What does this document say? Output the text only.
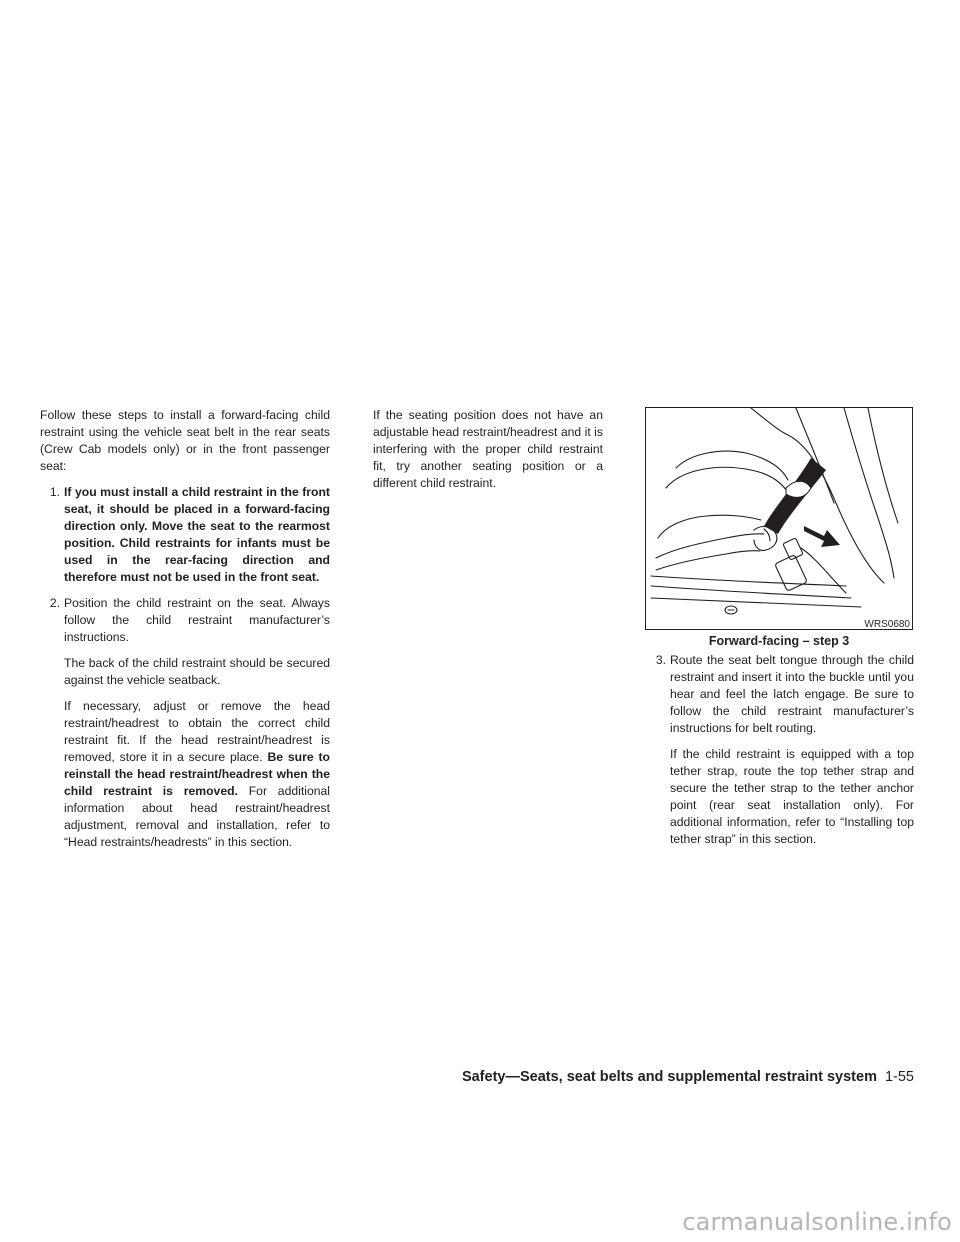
Follow these steps to install a forward-facing child restraint using the vehicle seat belt in the rear seats (Crew Cab models only) or in the front passenger seat:

1. If you must install a child restraint in the front seat, it should be placed in a forward-facing direction only. Move the seat to the rearmost position. Child restraints for infants must be used in the rear-facing direction and therefore must not be used in the front seat.

2. Position the child restraint on the seat. Always follow the child restraint manufacturer’s instructions.

The back of the child restraint should be secured against the vehicle seatback.

If necessary, adjust or remove the head restraint/headrest to obtain the correct child restraint fit. If the head restraint/headrest is removed, store it in a secure place. Be sure to reinstall the head restraint/headrest when the child restraint is removed. For additional information about head restraint/headrest adjustment, removal and installation, refer to “Head restraints/headrests” in this section.

If the seating position does not have an adjustable head restraint/headrest and it is interfering with the proper child restraint fit, try another seating position or a different child restraint.

WRS0680
Forward-facing – step 3
3. Route the seat belt tongue through the child restraint and insert it into the buckle until you hear and feel the latch engage. Be sure to follow the child restraint manufacturer’s instructions for belt routing.

If the child restraint is equipped with a top tether strap, route the top tether strap and secure the tether strap to the tether anchor point (rear seat installation only). For additional information, refer to “Installing top tether strap” in this section.

Safety—Seats, seat belts and supplemental restraint system 1-55
carmanualsonline.info
